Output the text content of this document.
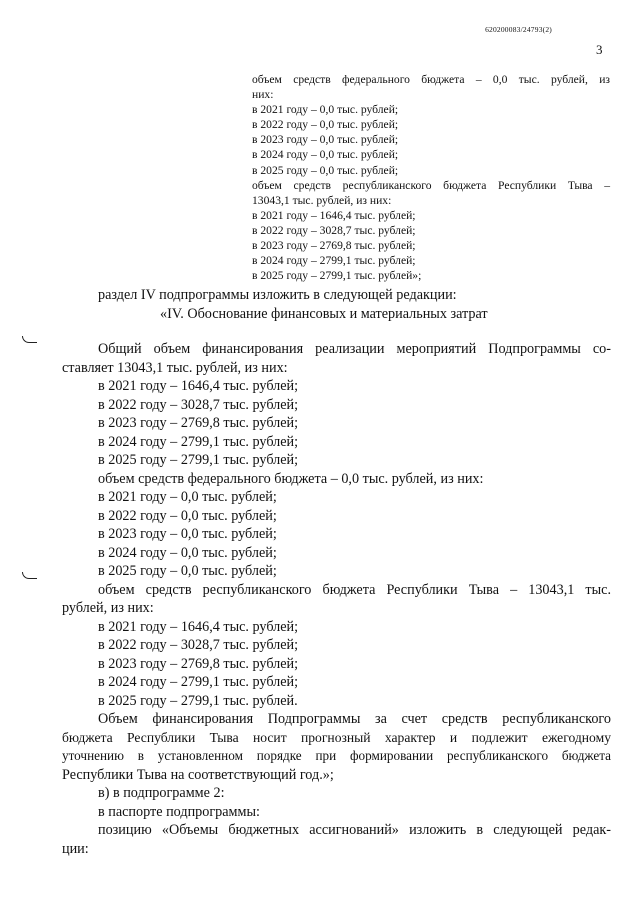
620200083/24793(2)
3
объем средств федерального бюджета – 0,0 тыс. рублей, из
них:
в 2021 году – 0,0 тыс. рублей;
в 2022 году – 0,0 тыс. рублей;
в 2023 году – 0,0 тыс. рублей;
в 2024 году – 0,0 тыс. рублей;
в 2025 году – 0,0 тыс. рублей;
объем средств республиканского бюджета Республики Тыва –
13043,1 тыс. рублей, из них:
в 2021 году – 1646,4 тыс. рублей;
в 2022 году – 3028,7 тыс. рублей;
в 2023 году – 2769,8 тыс. рублей;
в 2024 году – 2799,1 тыс. рублей;
в 2025 году – 2799,1 тыс. рублей»;
раздел IV подпрограммы изложить в следующей редакции:
«IV. Обоснование финансовых и материальных затрат
Общий объем финансирования реализации мероприятий Подпрограммы со-
ставляет 13043,1 тыс. рублей, из них:
в 2021 году – 1646,4 тыс. рублей;
в 2022 году – 3028,7 тыс. рублей;
в 2023 году – 2769,8 тыс. рублей;
в 2024 году – 2799,1 тыс. рублей;
в 2025 году – 2799,1 тыс. рублей;
объем средств федерального бюджета – 0,0 тыс. рублей, из них:
в 2021 году – 0,0 тыс. рублей;
в 2022 году – 0,0 тыс. рублей;
в 2023 году – 0,0 тыс. рублей;
в 2024 году – 0,0 тыс. рублей;
в 2025 году – 0,0 тыс. рублей;
объем средств республиканского бюджета Республики Тыва – 13043,1 тыс.
рублей, из них:
в 2021 году – 1646,4 тыс. рублей;
в 2022 году – 3028,7 тыс. рублей;
в 2023 году – 2769,8 тыс. рублей;
в 2024 году – 2799,1 тыс. рублей;
в 2025 году – 2799,1 тыс. рублей.
Объем финансирования Подпрограммы за счет средств республиканского
бюджета Республики Тыва носит прогнозный характер и подлежит ежегодному
уточнению в установленном порядке при формировании республиканского бюджета
Республики Тыва на соответствующий год.»;
в) в подпрограмме 2:
в паспорте подпрограммы:
позицию «Объемы бюджетных ассигнований» изложить в следующей редак-
ции:
